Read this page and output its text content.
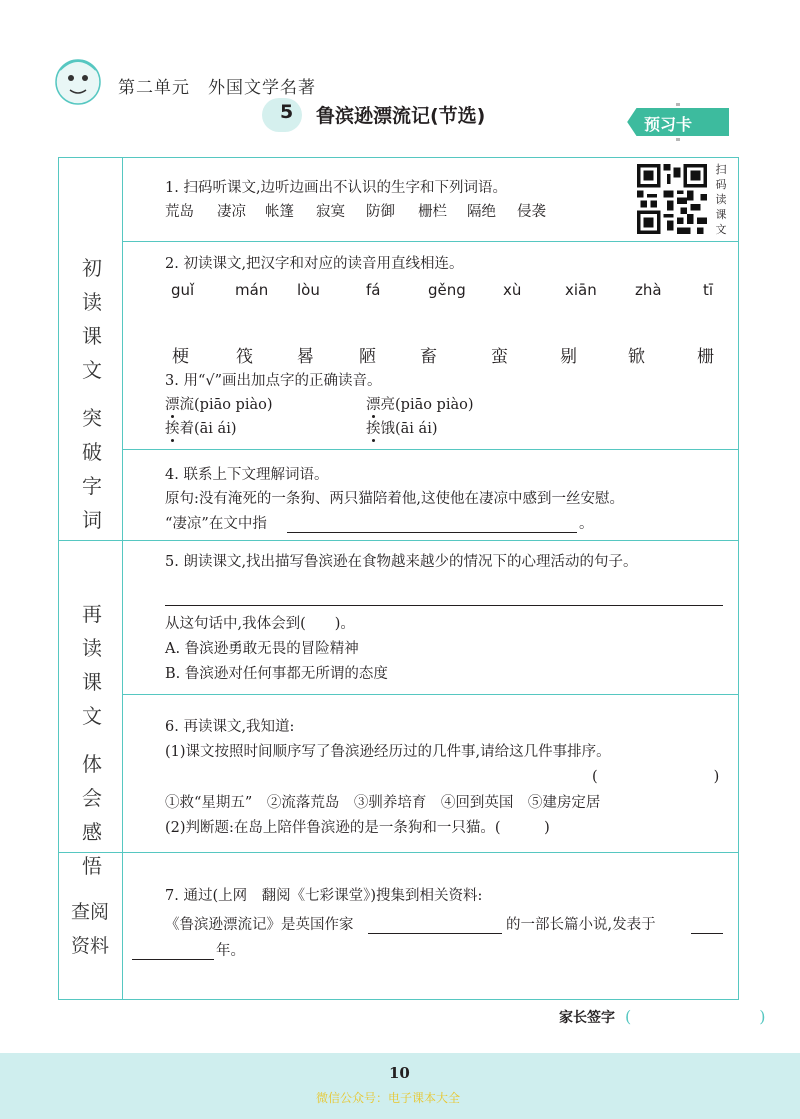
第二单元　外国文学名著
5 鲁滨逊漂流记(节选)	预习卡
初
读
课
文
突
破
字
词
再
读
课
文
体
会
感
悟
查阅
资料
扫
码
读
课
文
1. 扫码听课文,边听边画出不认识的生字和下列词语。
荒岛 凄凉 帐篷 寂寞 防御 栅栏 隔绝 侵袭
2. 初读课文,把汉字和对应的读音用直线相连。
guǐ	mán lòu	fá	gěng xù	xiān	zhà	tī
梗	筏	晷	陋	畜	蛮	剔	锨	栅
3. 用“√”画出加点字的正确读音。
漂流(piāo piào)	漂亮(piāo piào)
挨着(āi ái)	挨饿(āi ái)
4. 联系上下文理解词语。
原句:没有淹死的一条狗、两只猫陪着他,这使他在凄凉中感到一丝安慰。
“凄凉”在文中指	。
5. 朗读课文,找出描写鲁滨逊在食物越来越少的情况下的心理活动的句子。
从这句话中,我体会到(　　)。
A. 鲁滨逊勇敢无畏的冒险精神
B. 鲁滨逊对任何事都无所谓的态度
6. 再读课文,我知道:
(1)课文按照时间顺序写了鲁滨逊经历过的几件事,请给这几件事排序。
(　　　　　　　　)
①救“星期五”　②流落荒岛　③驯养培育　④回到英国　⑤建房定居
(2)判断题:在岛上陪伴鲁滨逊的是一条狗和一只猫。(　　　)
7. 通过(上网　翻阅《七彩课堂》)搜集到相关资料:
《鲁滨逊漂流记》是英国作家	的一部长篇小说,发表于
年。
家长签字 (　　　　　　　　)
10
微信公众号：电子课本大全
